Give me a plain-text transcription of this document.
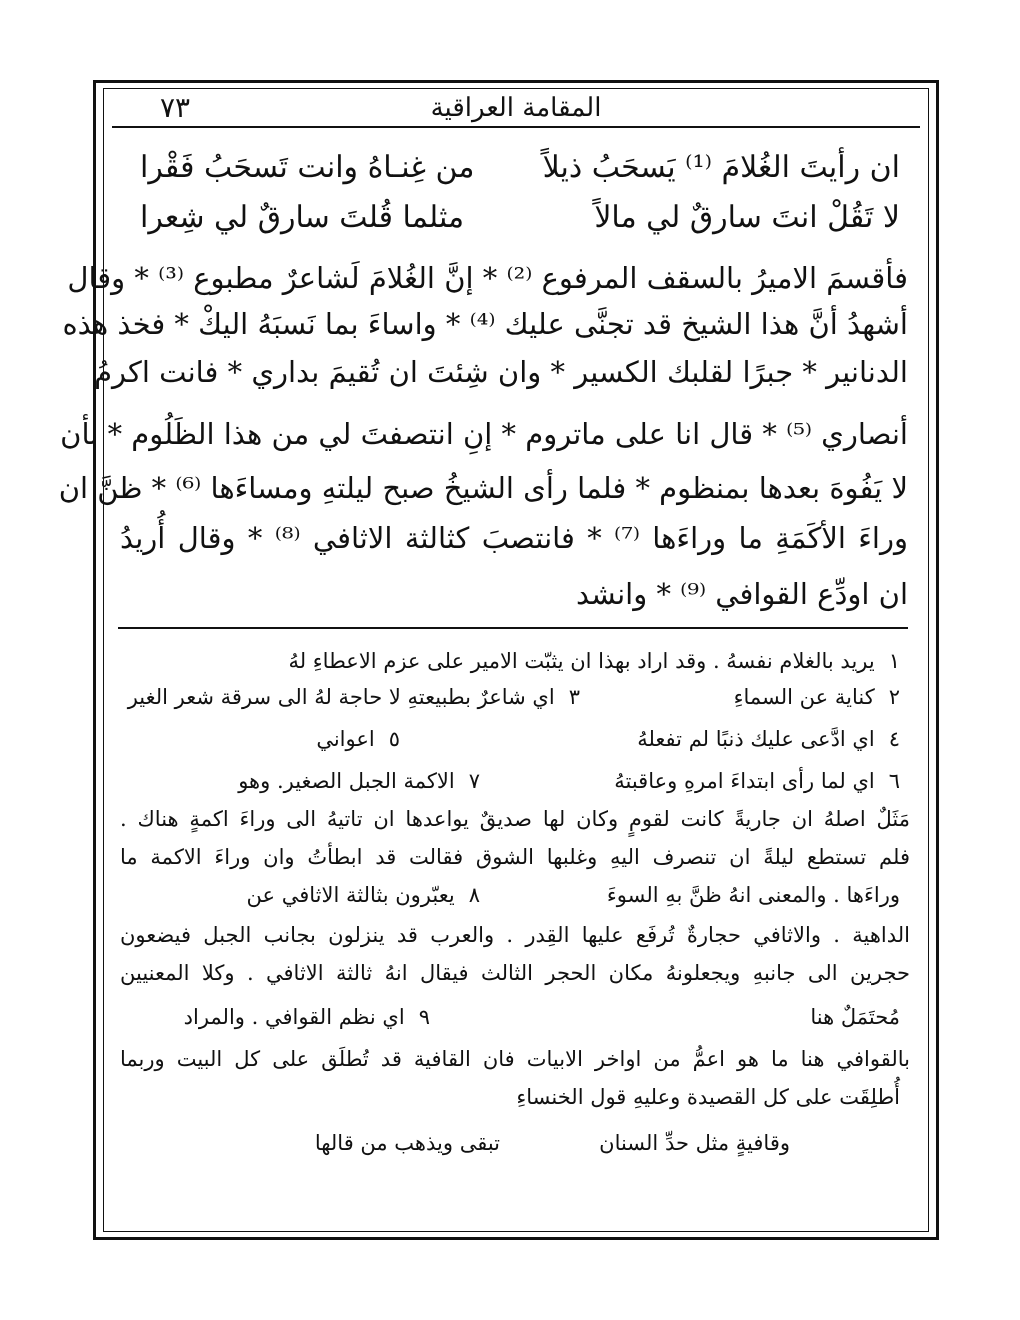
٧٣	المقامة العراقية
ان رأيتَ الغُلامَ ⁽¹⁾ يَسحَبُ ذيلاً
من غِنـاهُ وانت تَسحَبُ فَقْرا
لا تَقُلْ انتَ سارقٌ لي مالاً
مثلما قُلتَ سارقٌ لي شِعرا
فأقسمَ الاميرُ بالسقف المرفوع ⁽²⁾ * إنَّ الغُلامَ لَشاعرٌ مطبوع ⁽³⁾ * وقال
أشهدُ أنَّ هذا الشيخ قد تجنَّى عليك ⁽⁴⁾ * واساءَ بما نَسبَهُ اليكْ * فخذ هذه
الدنانير * جبرًا لقلبك الكسير * وان شِئتَ ان تُقيمَ بداري * فانت اكرمُ
أنصاري ⁽⁵⁾ * قال انا على ماتروم * إنِ انتصفتَ لي من هذا الظَلُوم * بأن
لا يَفُوهَ بعدها بمنظوم * فلما رأى الشيخُ صبح ليلتهِ ومساءَها ⁽⁶⁾ * ظنَّ ان
وراءَ الأكَمَةِ ما وراءَها ⁽⁷⁾ * فانتصبَ كثالثة الاثافي ⁽⁸⁾ * وقال أُريدُ
ان اودِّع القوافي ⁽⁹⁾ * وانشد
١يريد بالغلام نفسهُ . وقد اراد بهذا ان يثبّت الامير على عزم الاعطاءِ لهُ
٢كناية عن السماءِ
٣اي شاعرٌ بطبيعتهِ لا حاجة لهُ الى سرقة شعر الغير
٤اي ادَّعى عليك ذنبًا لم تفعلهُ
٥اعواني
٦اي لما رأى ابتداءَ امرهِ وعاقبتهُ
٧الاكمة الجبل الصغير. وهو
مَثَلٌ اصلهُ ان جاريةً كانت لقومٍ وكان لها صديقٌ يواعدها ان تاتيهُ الى وراءَ اكمةٍ هناك .
فلم تستطع ليلةً ان تنصرف اليهِ وغلبها الشوق فقالت قد ابطأتُ وان وراءَ الاكمة ما
وراءَها . والمعنى انهُ ظنَّ بهِ السوءَ
٨يعبّرون بثالثة الاثافي عن
الداهية . والاثافي حجارةٌ تُرفَع عليها القِدر . والعرب قد ينزلون بجانب الجبل فيضعون
حجرين الى جانبهِ ويجعلونهُ مكان الحجر الثالث فيقال انهُ ثالثة الاثافي . وكلا المعنيين
مُحتَمَلٌ هنا
٩اي نظم القوافي . والمراد
بالقوافي هنا ما هو اعمُّ من اواخر الابيات فان القافية قد تُطلَق على كل البيت وربما
أُطلِقَت على كل القصيدة وعليهِ قول الخنساءِ
وقافيةٍ مثل حدِّ السنان
تبقى ويذهب من قالها
